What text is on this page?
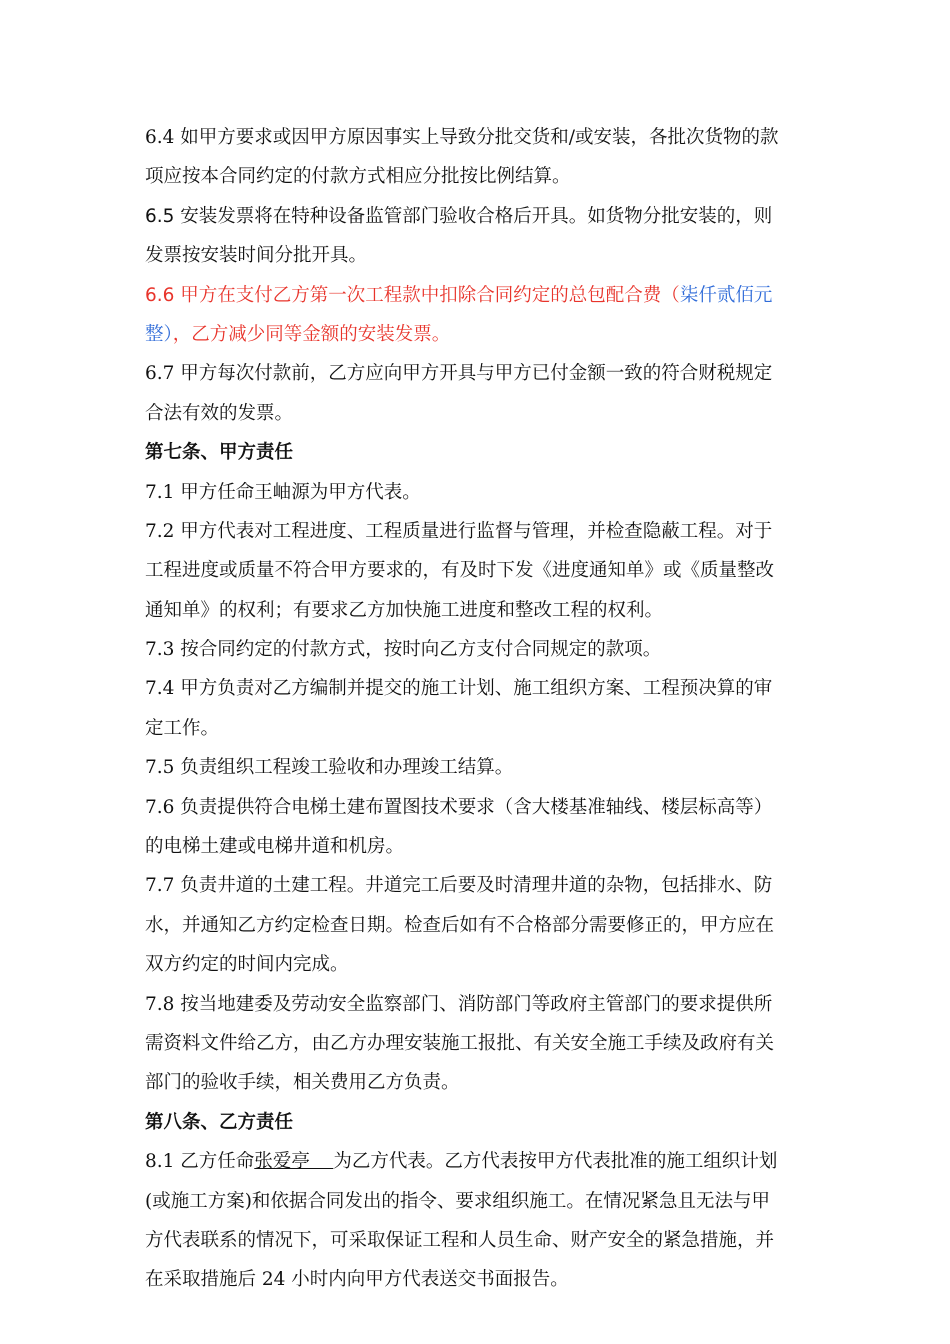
6.4 如甲方要求或因甲方原因事实上导致分批交货和/或安装，各批次货物的款
项应按本合同约定的付款方式相应分批按比例结算。
6.5 安装发票将在特种设备监管部门验收合格后开具。如货物分批安装的，则
发票按安装时间分批开具。
6.6 甲方在支付乙方第一次工程款中扣除合同约定的总包配合费（柒仟贰佰元
整），乙方减少同等金额的安装发票。
6.7 甲方每次付款前，乙方应向甲方开具与甲方已付金额一致的符合财税规定
合法有效的发票。
第七条、甲方责任
7.1 甲方任命王岫源为甲方代表。
7.2 甲方代表对工程进度、工程质量进行监督与管理，并检查隐蔽工程。对于
工程进度或质量不符合甲方要求的，有及时下发《进度通知单》或《质量整改
通知单》的权利；有要求乙方加快施工进度和整改工程的权利。
7.3 按合同约定的付款方式，按时向乙方支付合同规定的款项。
7.4 甲方负责对乙方编制并提交的施工计划、施工组织方案、工程预决算的审
定工作。
7.5 负责组织工程竣工验收和办理竣工结算。
7.6 负责提供符合电梯土建布置图技术要求（含大楼基准轴线、楼层标高等）
的电梯土建或电梯井道和机房。
7.7 负责井道的土建工程。井道完工后要及时清理井道的杂物，包括排水、防
水，并通知乙方约定检查日期。检查后如有不合格部分需要修正的，甲方应在
双方约定的时间内完成。
7.8 按当地建委及劳动安全监察部门、消防部门等政府主管部门的要求提供所
需资料文件给乙方，由乙方办理安装施工报批、有关安全施工手续及政府有关
部门的验收手续，相关费用乙方负责。
第八条、乙方责任
8.1 乙方任命张爱亭    为乙方代表。乙方代表按甲方代表批准的施工组织计划
(或施工方案)和依据合同发出的指令、要求组织施工。在情况紧急且无法与甲
方代表联系的情况下，可采取保证工程和人员生命、财产安全的紧急措施，并
在采取措施后 24 小时内向甲方代表送交书面报告。
